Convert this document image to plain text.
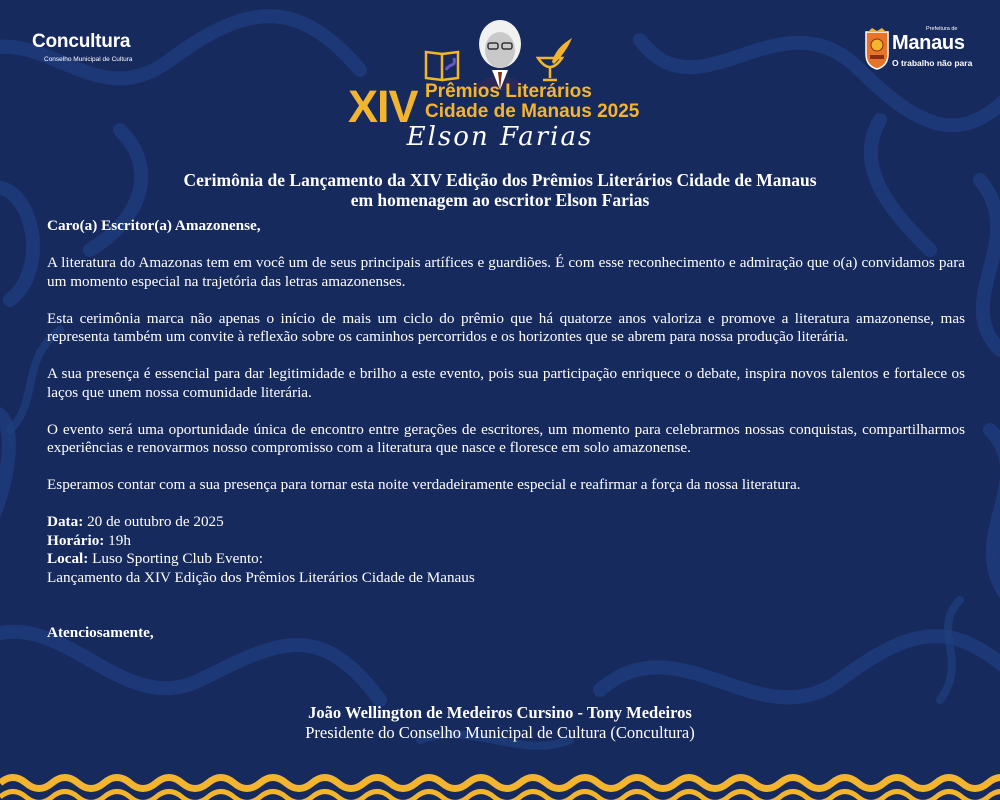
Concultura
Conselho Municipal de Cultura
Prefeitura de
Manaus
O trabalho não para
XIV Prêmios Literários
Cidade de Manaus 2025
Elson Farias
Cerimônia de Lançamento da XIV Edição dos Prêmios Literários Cidade de Manaus
em homenagem ao escritor Elson Farias

Caro(a) Escritor(a) Amazonense,

A literatura do Amazonas tem em você um de seus principais artífices e guardiões. É com esse reconhecimento e admiração que o(a) convidamos para um momento especial na trajetória das letras amazonenses.

Esta cerimônia marca não apenas o início de mais um ciclo do prêmio que há quatorze anos valoriza e promove a literatura amazonense, mas representa também um convite à reflexão sobre os caminhos percorridos e os horizontes que se abrem para nossa produção literária.

A sua presença é essencial para dar legitimidade e brilho a este evento, pois sua participação enriquece o debate, inspira novos talentos e fortalece os laços que unem nossa comunidade literária.

O evento será uma oportunidade única de encontro entre gerações de escritores, um momento para celebrarmos nossas conquistas, compartilharmos experiências e renovarmos nosso compromisso com a literatura que nasce e floresce em solo amazonense.

Esperamos contar com a sua presença para tornar esta noite verdadeiramente especial e reafirmar a força da nossa literatura.

Data: 20 de outubro de 2025

Horário: 19h

Local: Luso Sporting Club Evento:

Lançamento da XIV Edição dos Prêmios Literários Cidade de Manaus

Atenciosamente,

João Wellington de Medeiros Cursino - Tony Medeiros
Presidente do Conselho Municipal de Cultura (Concultura)
